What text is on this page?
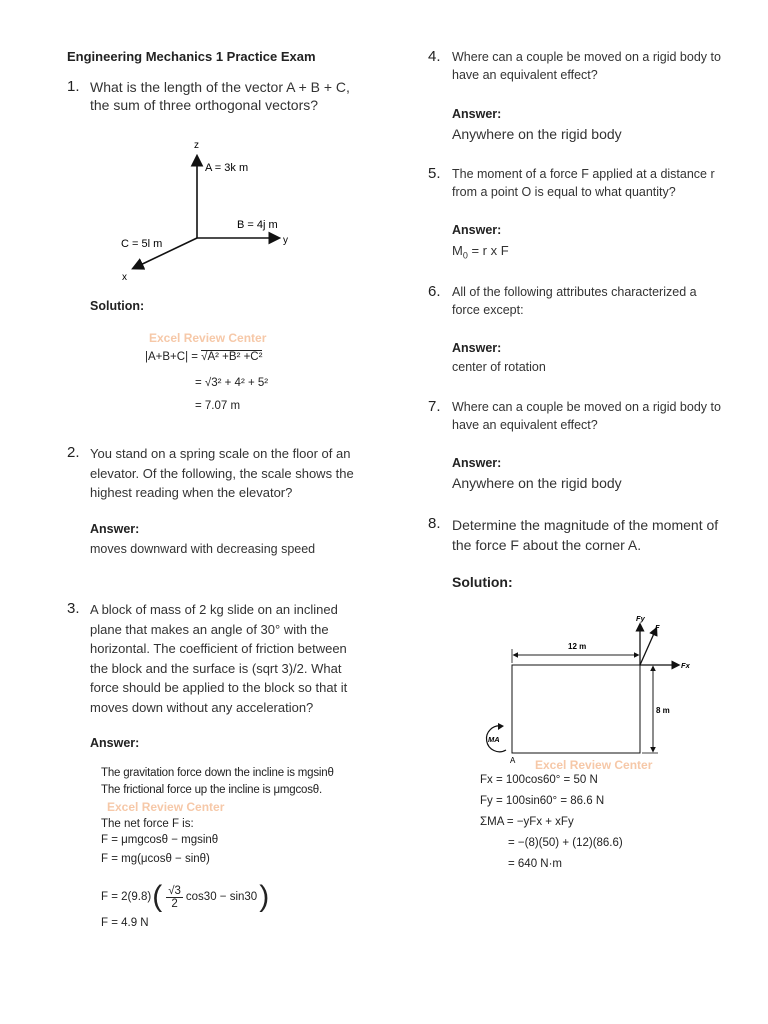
Engineering Mechanics 1 Practice Exam
1. What is the length of the vector A + B + C, the sum of three orthogonal vectors?
z
y
x
A = 3k m
B = 4j m
C = 5l m
Solution:
Excel Review Center
|A+B+C| = √A² +B² +C²
= √3² + 4² + 5²
= 7.07 m
2. You stand on a spring scale on the floor of an elevator. Of the following, the scale shows the highest reading when the elevator?
Answer:
moves downward with decreasing speed
3. A block of mass of 2 kg slide on an inclined plane that makes an angle of 30° with the horizontal. The coefficient of friction between the block and the surface is (sqrt 3)/2. What force should be applied to the block so that it moves down without any acceleration?
Answer:
The gravitation force down the incline is mgsinθ
The frictional force up the incline is μmgcosθ.
Excel Review Center
The net force F is:
F = μmgcosθ − mgsinθ
F = mg(μcosθ − sinθ)
F = 2(9.8) ( $\frac{√3}{2} \cos 30 - \sin 30$ )
F = 4.9 N
4. Where can a couple be moved on a rigid body to have an equivalent effect?
Answer:
Anywhere on the rigid body
5. The moment of a force F applied at a distance r from a point O is equal to what quantity?
Answer:
$M_0 = r$ x F
6. All of the following attributes characterized a force except:
Answer:
center of rotation
7. Where can a couple be moved on a rigid body to have an equivalent effect?
Answer:
Anywhere on the rigid body
8. Determine the magnitude of the moment of the force F about the corner A.
Solution:
12 m
8 m
Fy
F
Fx
MA
A Excel Review Center
Fx = 100cos60° = 50 N
Fy = 100sin60° = 86.6 N
ΣMA = −yFx + xFy
= −(8)(50) + (12)(86.6)
= 640 N·m
